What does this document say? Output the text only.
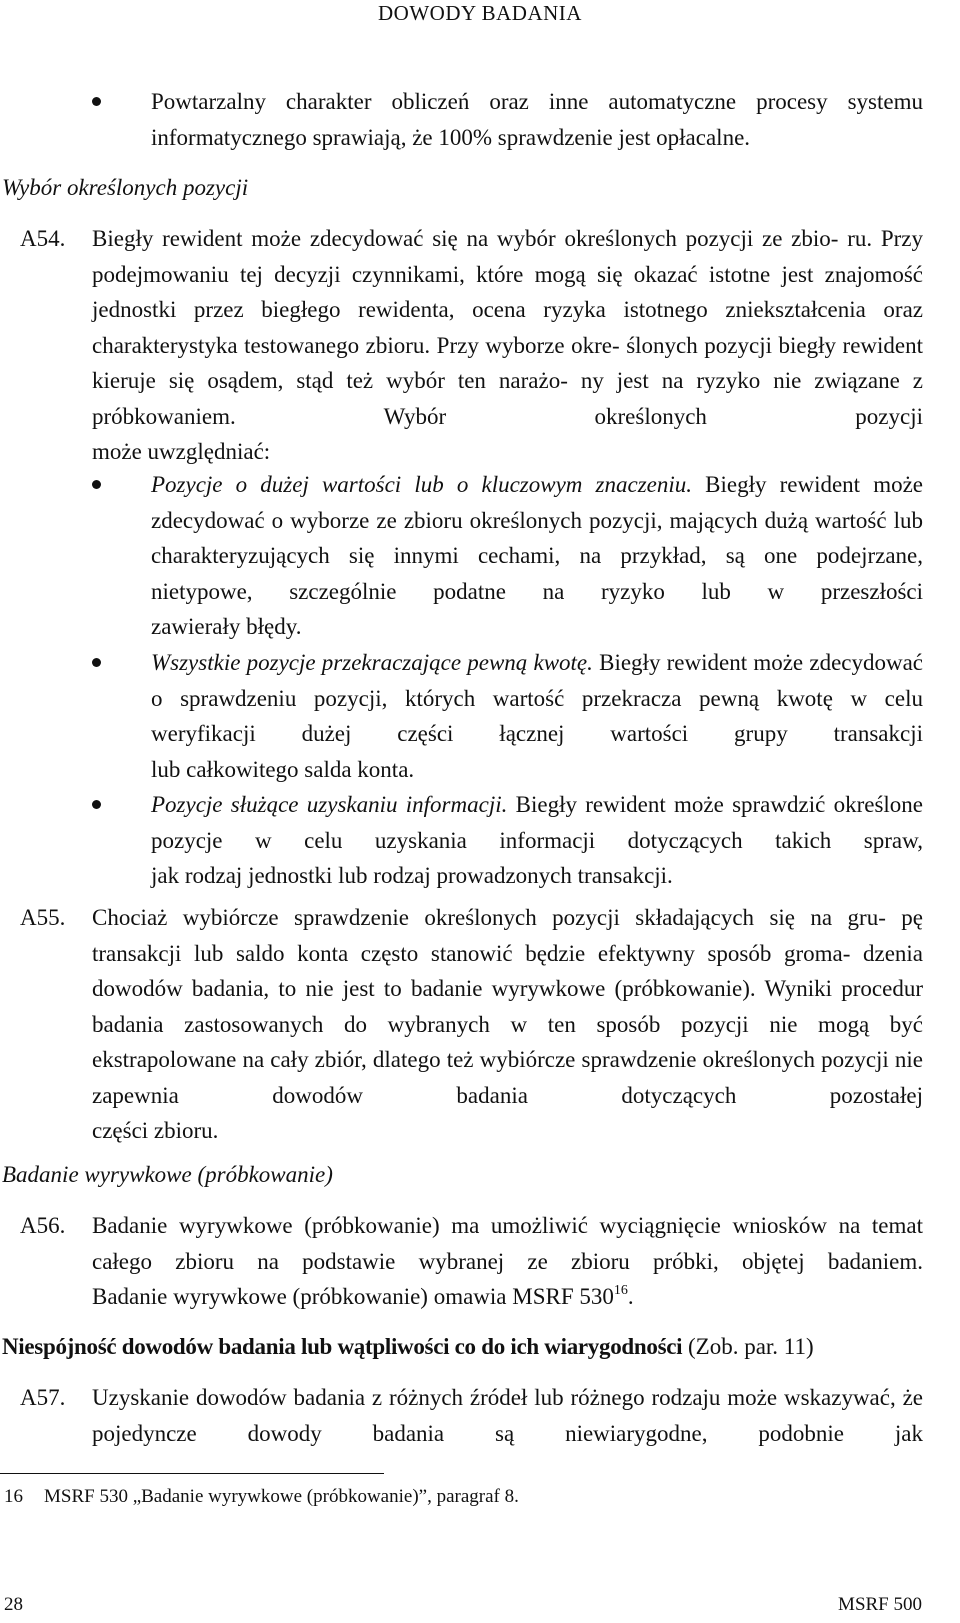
DOWODY BADANIA
Powtarzalny charakter obliczeń oraz inne automatyczne procesy systemu
informatycznego sprawiają, że 100% sprawdzenie jest opłacalne.
Wybór określonych pozycji
A54. Biegły rewident może zdecydować się na wybór określonych pozycji ze zbio- ru. Przy podejmowaniu tej decyzji czynnikami, które mogą się okazać istotne jest znajomość jednostki przez biegłego rewidenta, ocena ryzyka istotnego zniekształcenia oraz charakterystyka testowanego zbioru. Przy wyborze okre- ślonych pozycji biegły rewident kieruje się osądem, stąd też wybór ten narażo- ny jest na ryzyko nie związane z próbkowaniem. Wybór określonych pozycji
może uwzględniać:
Pozycje o dużej wartości lub o kluczowym znaczeniu. Biegły rewident może zdecydować o wyborze ze zbioru określonych pozycji, mających dużą wartość lub charakteryzujących się innymi cechami, na przykład, są one podejrzane, nietypowe, szczególnie podatne na ryzyko lub w przeszłości
zawierały błędy.
Wszystkie pozycje przekraczające pewną kwotę. Biegły rewident może zdecydować o sprawdzeniu pozycji, których wartość przekracza pewną kwotę w celu weryfikacji dużej części łącznej wartości grupy transakcji
lub całkowitego salda konta.
Pozycje służące uzyskaniu informacji. Biegły rewident może sprawdzić określone pozycje w celu uzyskania informacji dotyczących takich spraw,
jak rodzaj jednostki lub rodzaj prowadzonych transakcji.
A55. Chociaż wybiórcze sprawdzenie określonych pozycji składających się na gru- pę transakcji lub saldo konta często stanowić będzie efektywny sposób groma- dzenia dowodów badania, to nie jest to badanie wyrywkowe (próbkowanie). Wyniki procedur badania zastosowanych do wybranych w ten sposób pozycji nie mogą być ekstrapolowane na cały zbiór, dlatego też wybiórcze sprawdzenie określonych pozycji nie zapewnia dowodów badania dotyczących pozostałej
części zbioru.
Badanie wyrywkowe (próbkowanie)
A56. Badanie wyrywkowe (próbkowanie) ma umożliwić wyciągnięcie wniosków na temat całego zbioru na podstawie wybranej ze zbioru próbki, objętej badaniem.
Badanie wyrywkowe (próbkowanie) omawia MSRF $530^{16}$.
Niespójność dowodów badania lub wątpliwości co do ich wiarygodności (Zob. par. 11)
A57. Uzyskanie dowodów badania z różnych źródeł lub różnego rodzaju może wskazywać, że pojedyncze dowody badania są niewiarygodne, podobnie jak
16 MSRF 530 „Badanie wyrywkowe (próbkowanie)”, paragraf 8.
28	MSRF 500
